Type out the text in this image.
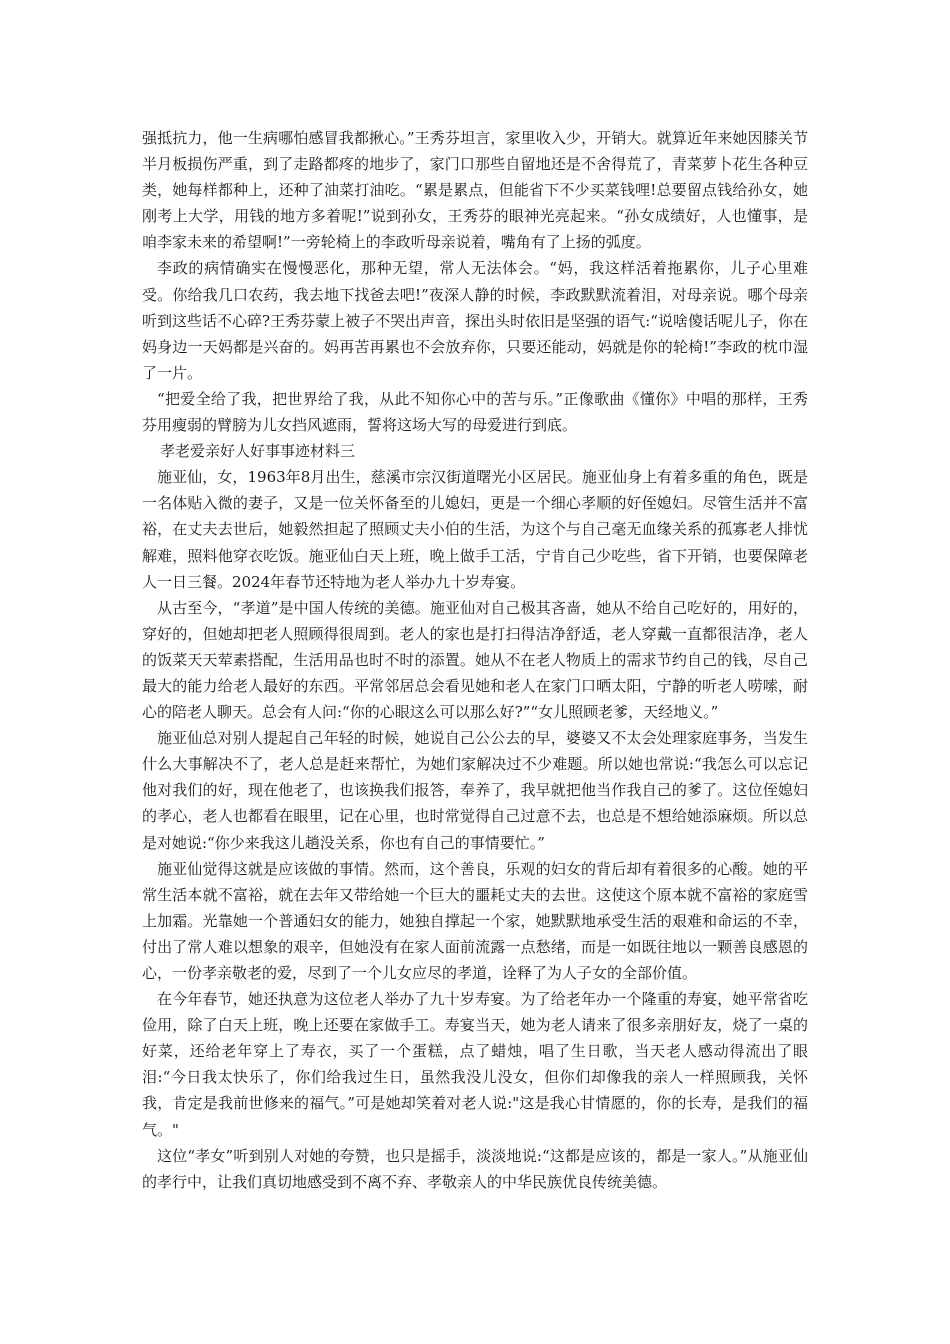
强抵抗力，他一生病哪怕感冒我都揪心。”王秀芬坦言，家里收入少，开销大。就算近年来她因膝关节半月板损伤严重，到了走路都疼的地步了，家门口那些自留地还是不舍得荒了，青菜萝卜花生各种豆类，她每样都种上，还种了油菜打油吃。“累是累点，但能省下不少买菜钱哩!总要留点钱给孙女，她刚考上大学，用钱的地方多着呢!”说到孙女，王秀芬的眼神光亮起来。“孙女成绩好，人也懂事，是咱李家未来的希望啊!”一旁轮椅上的李政听母亲说着，嘴角有了上扬的弧度。

李政的病情确实在慢慢恶化，那种无望，常人无法体会。“妈，我这样活着拖累你，儿子心里难受。你给我几口农药，我去地下找爸去吧!”夜深人静的时候，李政默默流着泪，对母亲说。哪个母亲听到这些话不心碎?王秀芬蒙上被子不哭出声音，探出头时依旧是坚强的语气:“说啥傻话呢儿子，你在妈身边一天妈都是兴奋的。妈再苦再累也不会放弃你，只要还能动，妈就是你的轮椅!”李政的枕巾湿了一片。

“把爱全给了我，把世界给了我，从此不知你心中的苦与乐。”正像歌曲《懂你》中唱的那样，王秀芬用瘦弱的臂膀为儿女挡风遮雨，誓将这场大写的母爱进行到底。

孝老爱亲好人好事事迹材料三

施亚仙，女，1963年8月出生，慈溪市宗汉街道曙光小区居民。施亚仙身上有着多重的角色，既是一名体贴入微的妻子，又是一位关怀备至的儿媳妇，更是一个细心孝顺的好侄媳妇。尽管生活并不富裕，在丈夫去世后，她毅然担起了照顾丈夫小伯的生活，为这个与自己毫无血缘关系的孤寡老人排忧解难，照料他穿衣吃饭。施亚仙白天上班，晚上做手工活，宁肯自己少吃些，省下开销，也要保障老人一日三餐。2024年春节还特地为老人举办九十岁寿宴。

从古至今，“孝道”是中国人传统的美德。施亚仙对自己极其吝啬，她从不给自己吃好的，用好的，穿好的，但她却把老人照顾得很周到。老人的家也是打扫得洁净舒适，老人穿戴一直都很洁净，老人的饭菜天天荤素搭配，生活用品也时不时的添置。她从不在老人物质上的需求节约自己的钱，尽自己最大的能力给老人最好的东西。平常邻居总会看见她和老人在家门口晒太阳，宁静的听老人唠嗦，耐心的陪老人聊天。总会有人问:“你的心眼这么可以那么好?”“女儿照顾老爹，天经地义。”

施亚仙总对别人提起自己年轻的时候，她说自己公公去的早，婆婆又不太会处理家庭事务，当发生什么大事解决不了，老人总是赶来帮忙，为她们家解决过不少难题。所以她也常说:“我怎么可以忘记他对我们的好，现在他老了，也该换我们报答，奉养了，我早就把他当作我自己的爹了。这位侄媳妇的孝心，老人也都看在眼里，记在心里，也时常觉得自己过意不去，也总是不想给她添麻烦。所以总是对她说:“你少来我这儿趟没关系，你也有自己的事情要忙。”

施亚仙觉得这就是应该做的事情。然而，这个善良，乐观的妇女的背后却有着很多的心酸。她的平常生活本就不富裕，就在去年又带给她一个巨大的噩耗丈夫的去世。这使这个原本就不富裕的家庭雪上加霜。光靠她一个普通妇女的能力，她独自撑起一个家，她默默地承受生活的艰难和命运的不幸，付出了常人难以想象的艰辛，但她没有在家人面前流露一点愁绪，而是一如既往地以一颗善良感恩的心，一份孝亲敬老的爱，尽到了一个儿女应尽的孝道，诠释了为人子女的全部价值。

在今年春节，她还执意为这位老人举办了九十岁寿宴。为了给老年办一个隆重的寿宴，她平常省吃俭用，除了白天上班，晚上还要在家做手工。寿宴当天，她为老人请来了很多亲朋好友，烧了一桌的好菜，还给老年穿上了寿衣，买了一个蛋糕，点了蜡烛，唱了生日歌，当天老人感动得流出了眼泪:“今日我太快乐了，你们给我过生日，虽然我没儿没女，但你们却像我的亲人一样照顾我，关怀我，肯定是我前世修来的福气。”可是她却笑着对老人说:"这是我心甘情愿的，你的长寿，是我们的福气。"

这位“孝女”听到别人对她的夸赞，也只是摇手，淡淡地说:“这都是应该的，都是一家人。”从施亚仙的孝行中，让我们真切地感受到不离不弃、孝敬亲人的中华民族优良传统美德。
